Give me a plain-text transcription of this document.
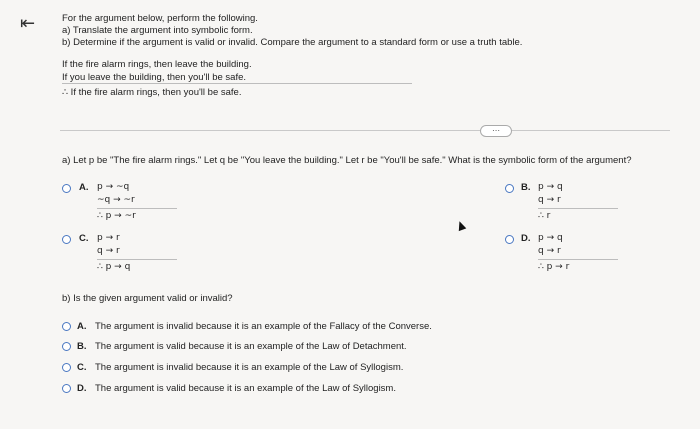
⇤	For the argument below, perform the following.
a) Translate the argument into symbolic form.
b) Determine if the argument is valid or invalid. Compare the argument to a standard form or use a truth table.
If the fire alarm rings, then leave the building.
If you leave the building, then you'll be safe.
∴ If the fire alarm rings, then you'll be safe.
⋯
a) Let p be "The fire alarm rings." Let q be "You leave the building." Let r be "You'll be safe." What is the symbolic form of the argument?
A. p → ~q
~q → ~r
∴ p → ~r
B. p → q
q → r
∴ r
C. p → r
q → r
∴ p → q
D. p → q
q → r
∴ p → r
b) Is the given argument valid or invalid?
A. The argument is invalid because it is an example of the Fallacy of the Converse.
B. The argument is valid because it is an example of the Law of Detachment.
C. The argument is invalid because it is an example of the Law of Syllogism.
D. The argument is valid because it is an example of the Law of Syllogism.
